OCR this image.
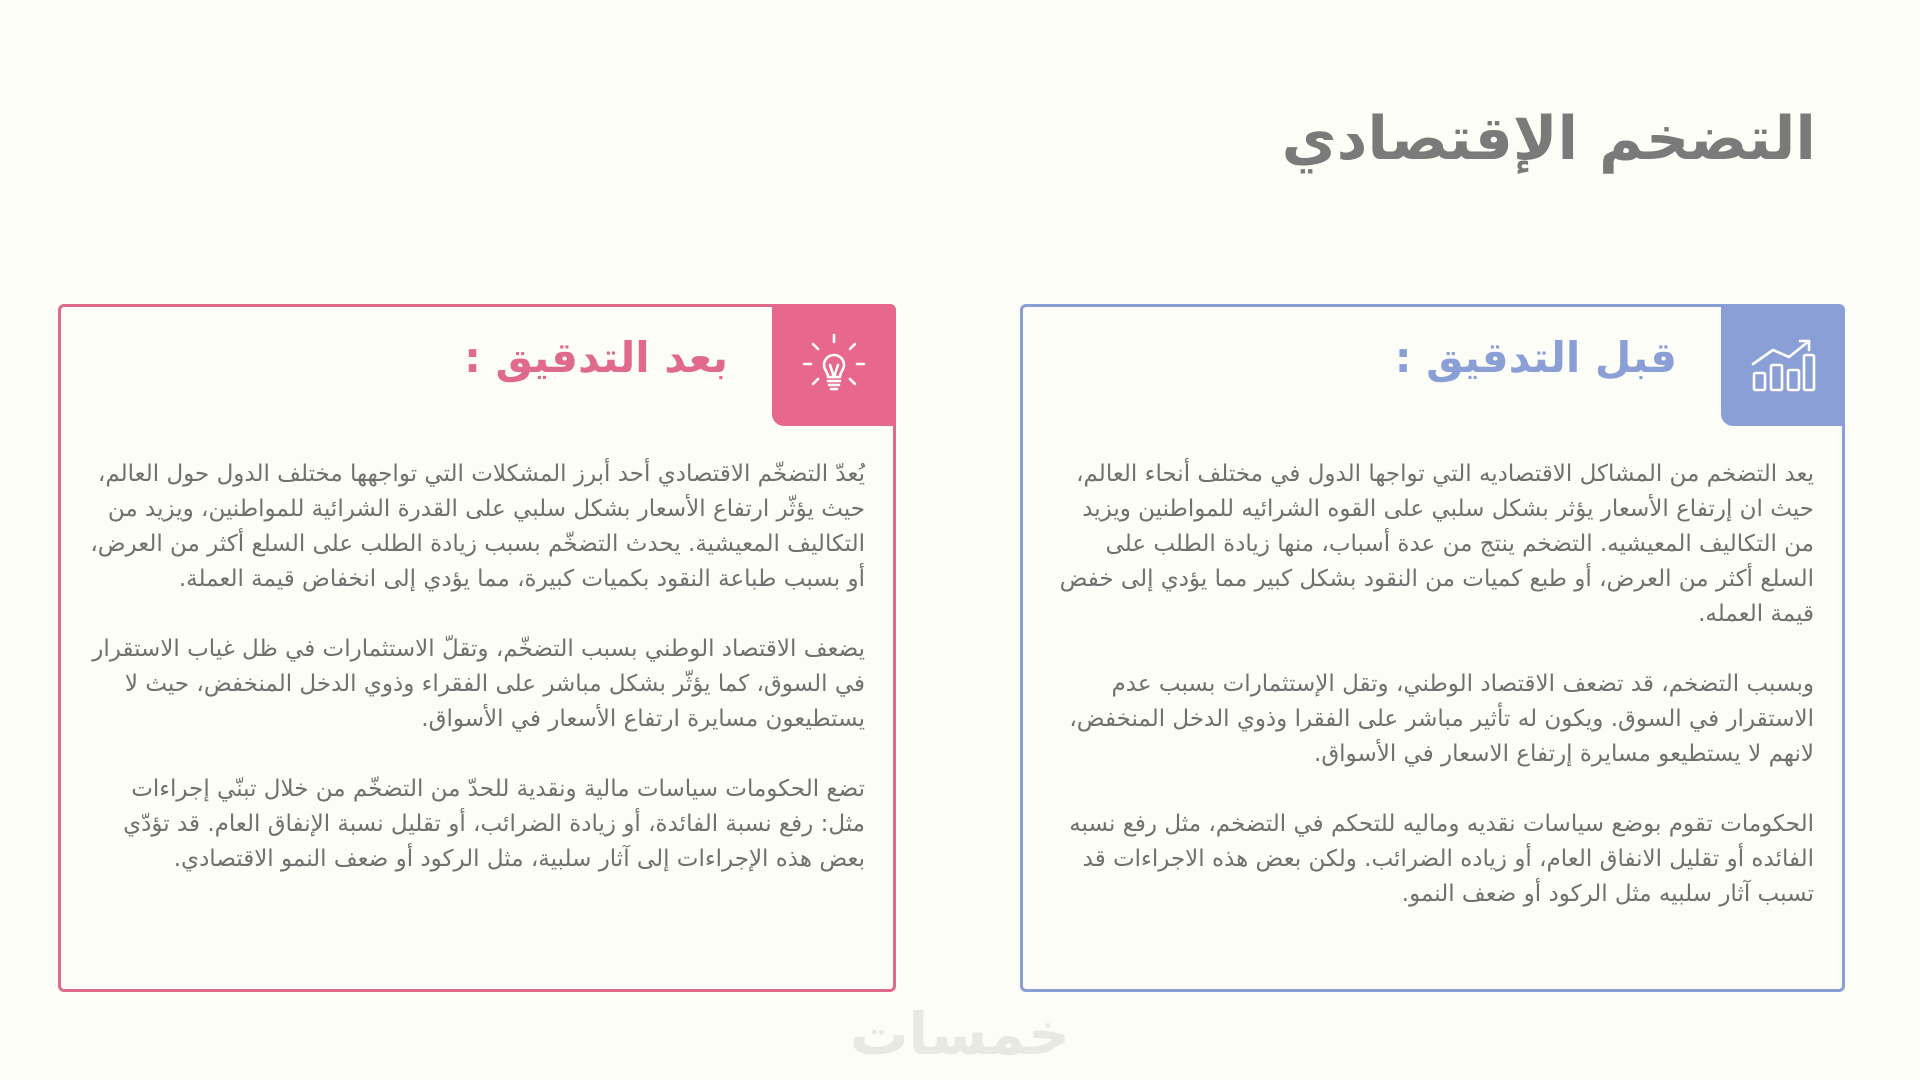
التضخم الإقتصادي
قبل التدقيق :

يعد التضخم من المشاكل الاقتصاديه التي تواجها الدول في مختلف أنحاء العالم، حيث ان إرتفاع الأسعار يؤثر بشكل سلبي على القوه الشرائيه للمواطنين ويزيد من التكاليف المعيشيه. التضخم ينتج من عدة أسباب، منها زيادة الطلب على السلع أكثر من العرض، أو طبع كميات من النقود بشكل كبير مما يؤدي إلى خفض قيمة العمله.

وبسبب التضخم، قد تضعف الاقتصاد الوطني، وتقل الإستثمارات بسبب عدم الاستقرار في السوق. ويكون له تأثير مباشر على الفقرا وذوي الدخل المنخفض، لانهم لا يستطيعو مسايرة إرتفاع الاسعار في الأسواق.

الحكومات تقوم بوضع سياسات نقديه وماليه للتحكم في التضخم، مثل رفع نسبه الفائده أو تقليل الانفاق العام، أو زياده الضرائب. ولكن بعض هذه الاجراءات قد تسبب آثار سلبيه مثل الركود أو ضعف النمو.

بعد التدقيق :

يُعدّ التضخّم الاقتصادي أحد أبرز المشكلات التي تواجهها مختلف الدول حول العالم، حيث يؤثّر ارتفاع الأسعار بشكل سلبي على القدرة الشرائية للمواطنين، ويزيد من التكاليف المعيشية. يحدث التضخّم بسبب زيادة الطلب على السلع أكثر من العرض، أو بسبب طباعة النقود بكميات كبيرة، مما يؤدي إلى انخفاض قيمة العملة.

يضعف الاقتصاد الوطني بسبب التضخّم، وتقلّ الاستثمارات في ظل غياب الاستقرار في السوق، كما يؤثّر بشكل مباشر على الفقراء وذوي الدخل المنخفض، حيث لا يستطيعون مسايرة ارتفاع الأسعار في الأسواق.

تضع الحكومات سياسات مالية ونقدية للحدّ من التضخّم من خلال تبنّي إجراءات مثل: رفع نسبة الفائدة، أو زيادة الضرائب، أو تقليل نسبة الإنفاق العام. قد تؤدّي بعض هذه الإجراءات إلى آثار سلبية، مثل الركود أو ضعف النمو الاقتصادي.

خمسات
